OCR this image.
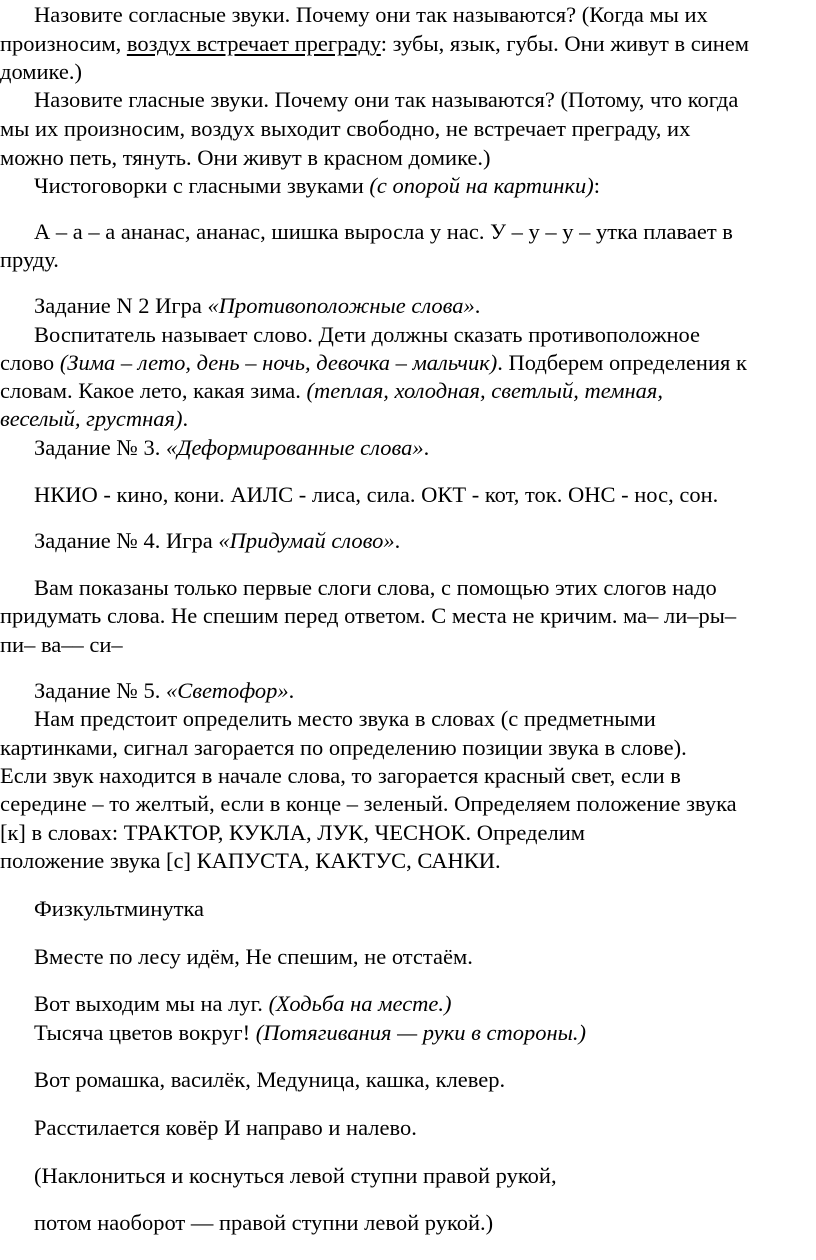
Назовите согласные звуки. Почему они так называются? (Когда мы их
произносим, воздух встречает преграду: зубы, язык, губы. Они живут в синем
домике.)
Назовите гласные звуки. Почему они так называются? (Потому, что когда
мы их произносим, воздух выходит свободно, не встречает преграду, их
можно петь, тянуть. Они живут в красном домике.)
Чистоговорки с гласными звуками (с опорой на картинки):
А – а – а ананас, ананас, шишка выросла у нас. У – у – у – утка плавает в
пруду.
Задание N 2 Игра «Противоположные слова».
Воспитатель называет слово. Дети должны сказать противоположное
слово (Зима – лето, день – ночь, девочка – мальчик). Подберем определения к
словам. Какое лето, какая зима. (теплая, холодная, светлый, темная,
веселый, грустная).
Задание № 3. «Деформированные слова».
НКИО - кино, кони. АИЛС - лиса, сила. ОКТ - кот, ток. ОНС - нос, сон.
Задание № 4. Игра «Придумай слово».
Вам показаны только первые слоги слова, с помощью этих слогов надо
придумать слова. Не спешим перед ответом. С места не кричим. ма– ли–ры–
пи– ва–– си–
Задание № 5. «Светофор».
Нам предстоит определить место звука в словах (с предметными
картинками, сигнал загорается по определению позиции звука в слове).
Если звук находится в начале слова, то загорается красный свет, если в
середине – то желтый, если в конце – зеленый. Определяем положение звука
[к] в словах: ТРАКТОР, КУКЛА, ЛУК, ЧЕСНОК. Определим
положение звука [с] КАПУСТА, КАКТУС, САНКИ.
Физкультминутка
Вместе по лесу идём, Не спешим, не отстаём.
Вот выходим мы на луг. (Ходьба на месте.)
Тысяча цветов вокруг! (Потягивания — руки в стороны.)
Вот ромашка, василёк, Медуница, кашка, клевер.
Расстилается ковёр И направо и налево.
(Наклониться и коснуться левой ступни правой рукой,
потом наоборот — правой ступни левой рукой.)
